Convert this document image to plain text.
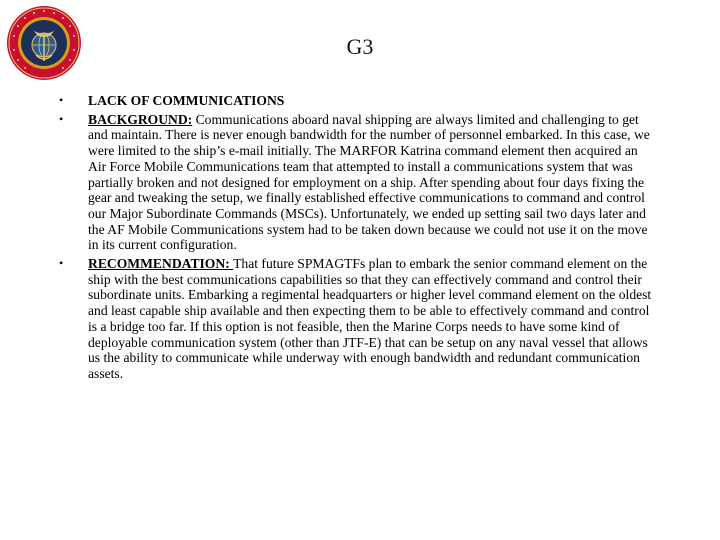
G3
• LACK OF COMMUNICATIONS
• BACKGROUND: Communications aboard naval shipping are always limited and challenging to get and maintain. There is never enough bandwidth for the number of personnel embarked. In this case, we were limited to the ship’s e-mail initially. The MARFOR Katrina command element then acquired an Air Force Mobile Communications team that attempted to install a communications system that was partially broken and not designed for employment on a ship. After spending about four days fixing the gear and tweaking the setup, we finally established effective communications to command and control our Major Subordinate Commands (MSCs). Unfortunately, we ended up setting sail two days later and the AF Mobile Communications system had to be taken down because we could not use it on the move in its current configuration.
• RECOMMENDATION: That future SPMAGTFs plan to embark the senior command element on the ship with the best communications capabilities so that they can effectively command and control their subordinate units. Embarking a regimental headquarters or higher level command element on the oldest and least capable ship available and then expecting them to be able to effectively command and control is a bridge too far. If this option is not feasible, then the Marine Corps needs to have some kind of deployable communication system (other than JTF-E) that can be setup on any naval vessel that allows us the ability to communicate while underway with enough bandwidth and redundant communication assets.
